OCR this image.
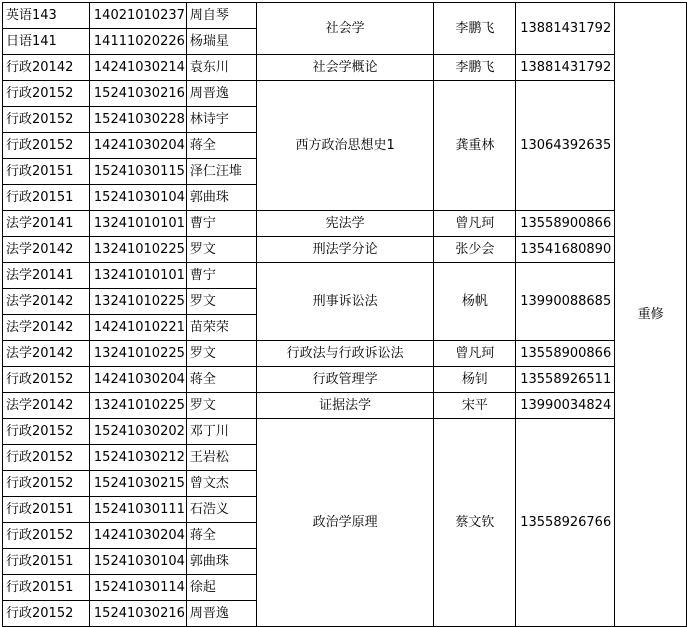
英语143	14021010237	周自琴	社会学	李鹏飞	13881431792	重修
日语141	14111020226	杨瑞星				
行政20142	14241030214	袁东川	社会学概论	李鹏飞	13881431792	
行政20152	15241030216	周晋逸	西方政治思想史1	龚重林	13064392635	
行政20152	15241030228	林诗宇				
行政20152	14241030204	蒋全				
行政20151	15241030115	泽仁汪堆				
行政20151	15241030104	郭曲珠				
法学20141	13241010101	曹宁	宪法学	曾凡珂	13558900866	
法学20142	13241010225	罗文	刑法学分论	张少会	13541680890	
法学20141	13241010101	曹宁	刑事诉讼法	杨帆	13990088685	
法学20142	13241010225	罗文				
法学20142	14241010221	苗荣荣				
法学20142	13241010225	罗文	行政法与行政诉讼法	曾凡珂	13558900866	
行政20152	14241030204	蒋全	行政管理学	杨钊	13558926511	
法学20142	13241010225	罗文	证据法学	宋平	13990034824	
行政20152	15241030202	邓丁川	政治学原理	蔡文钦	13558926766	
行政20152	15241030212	王岩松				
行政20152	15241030215	曾文杰				
行政20151	15241030111	石浩义				
行政20152	14241030204	蒋全				
行政20151	15241030104	郭曲珠				
行政20151	15241030114	徐起				
行政20152	15241030216	周晋逸				
